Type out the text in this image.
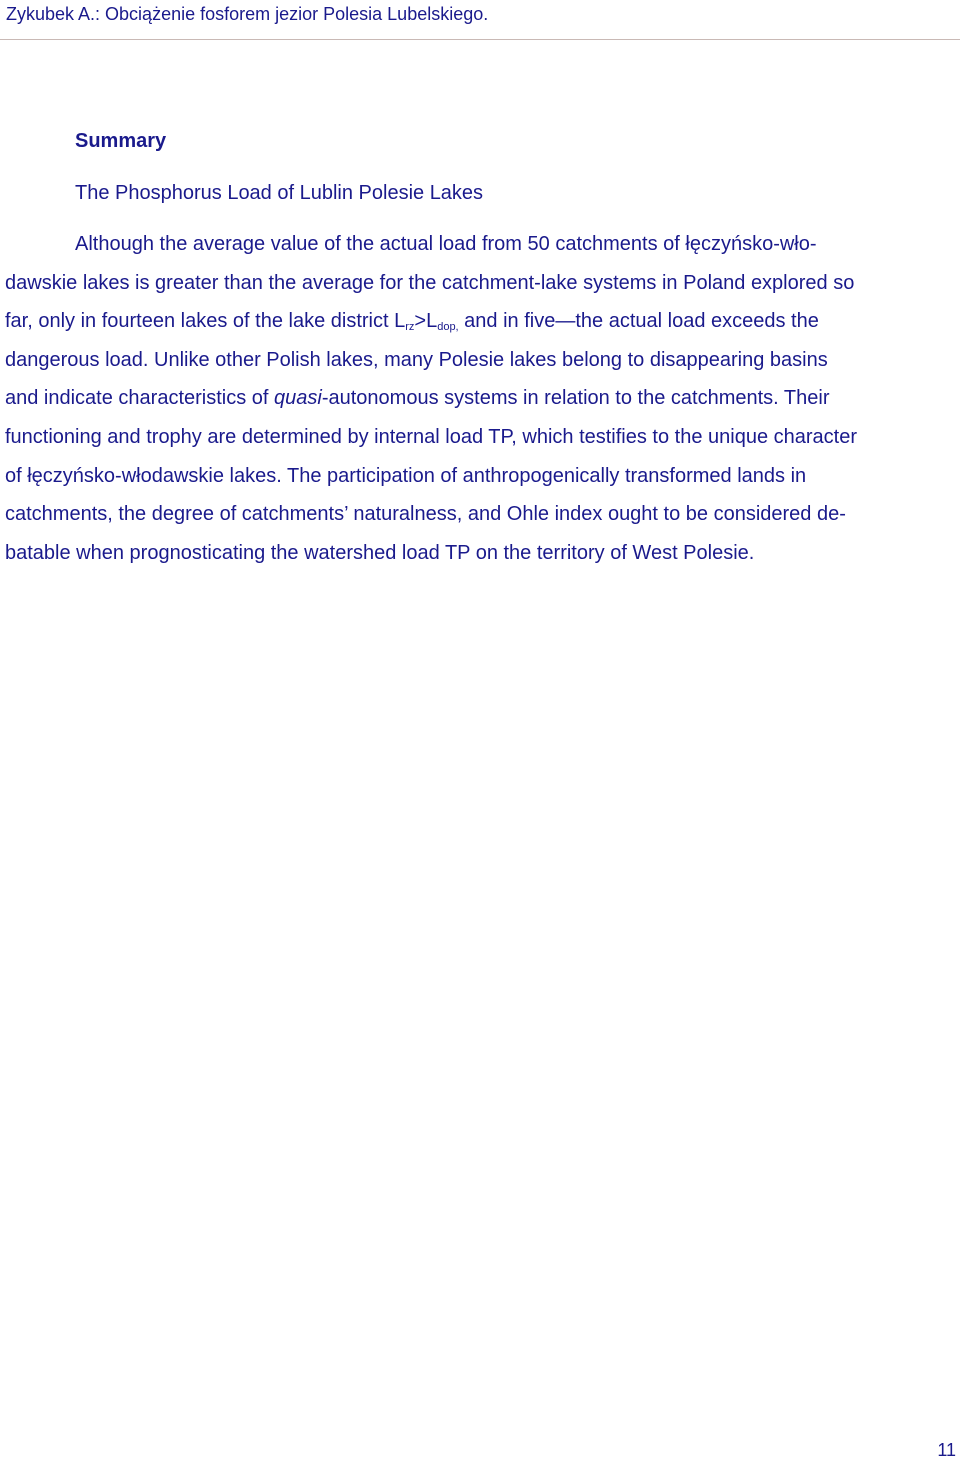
Zykubek A.: Obciążenie fosforem jezior Polesia Lubelskiego.
Summary
The Phosphorus Load of Lublin Polesie Lakes
Although the average value of the actual load from 50 catchments of łęczyńsko-wło-
dawskie lakes is greater than the average for the catchment-lake systems in Poland explored so
far, only in fourteen lakes of the lake district $L_{rz}>L_{dop,}$ and in five—the actual load exceeds the
dangerous load. Unlike other Polish lakes, many Polesie lakes belong to disappearing basins
and indicate characteristics of quasi-autonomous systems in relation to the catchments. Their
functioning and trophy are determined by internal load TP, which testifies to the unique character
of łęczyńsko-włodawskie lakes. The participation of anthropogenically transformed lands in
catchments, the degree of catchments’ naturalness, and Ohle index ought to be considered de-
batable when prognosticating the watershed load TP on the territory of West Polesie.
11
